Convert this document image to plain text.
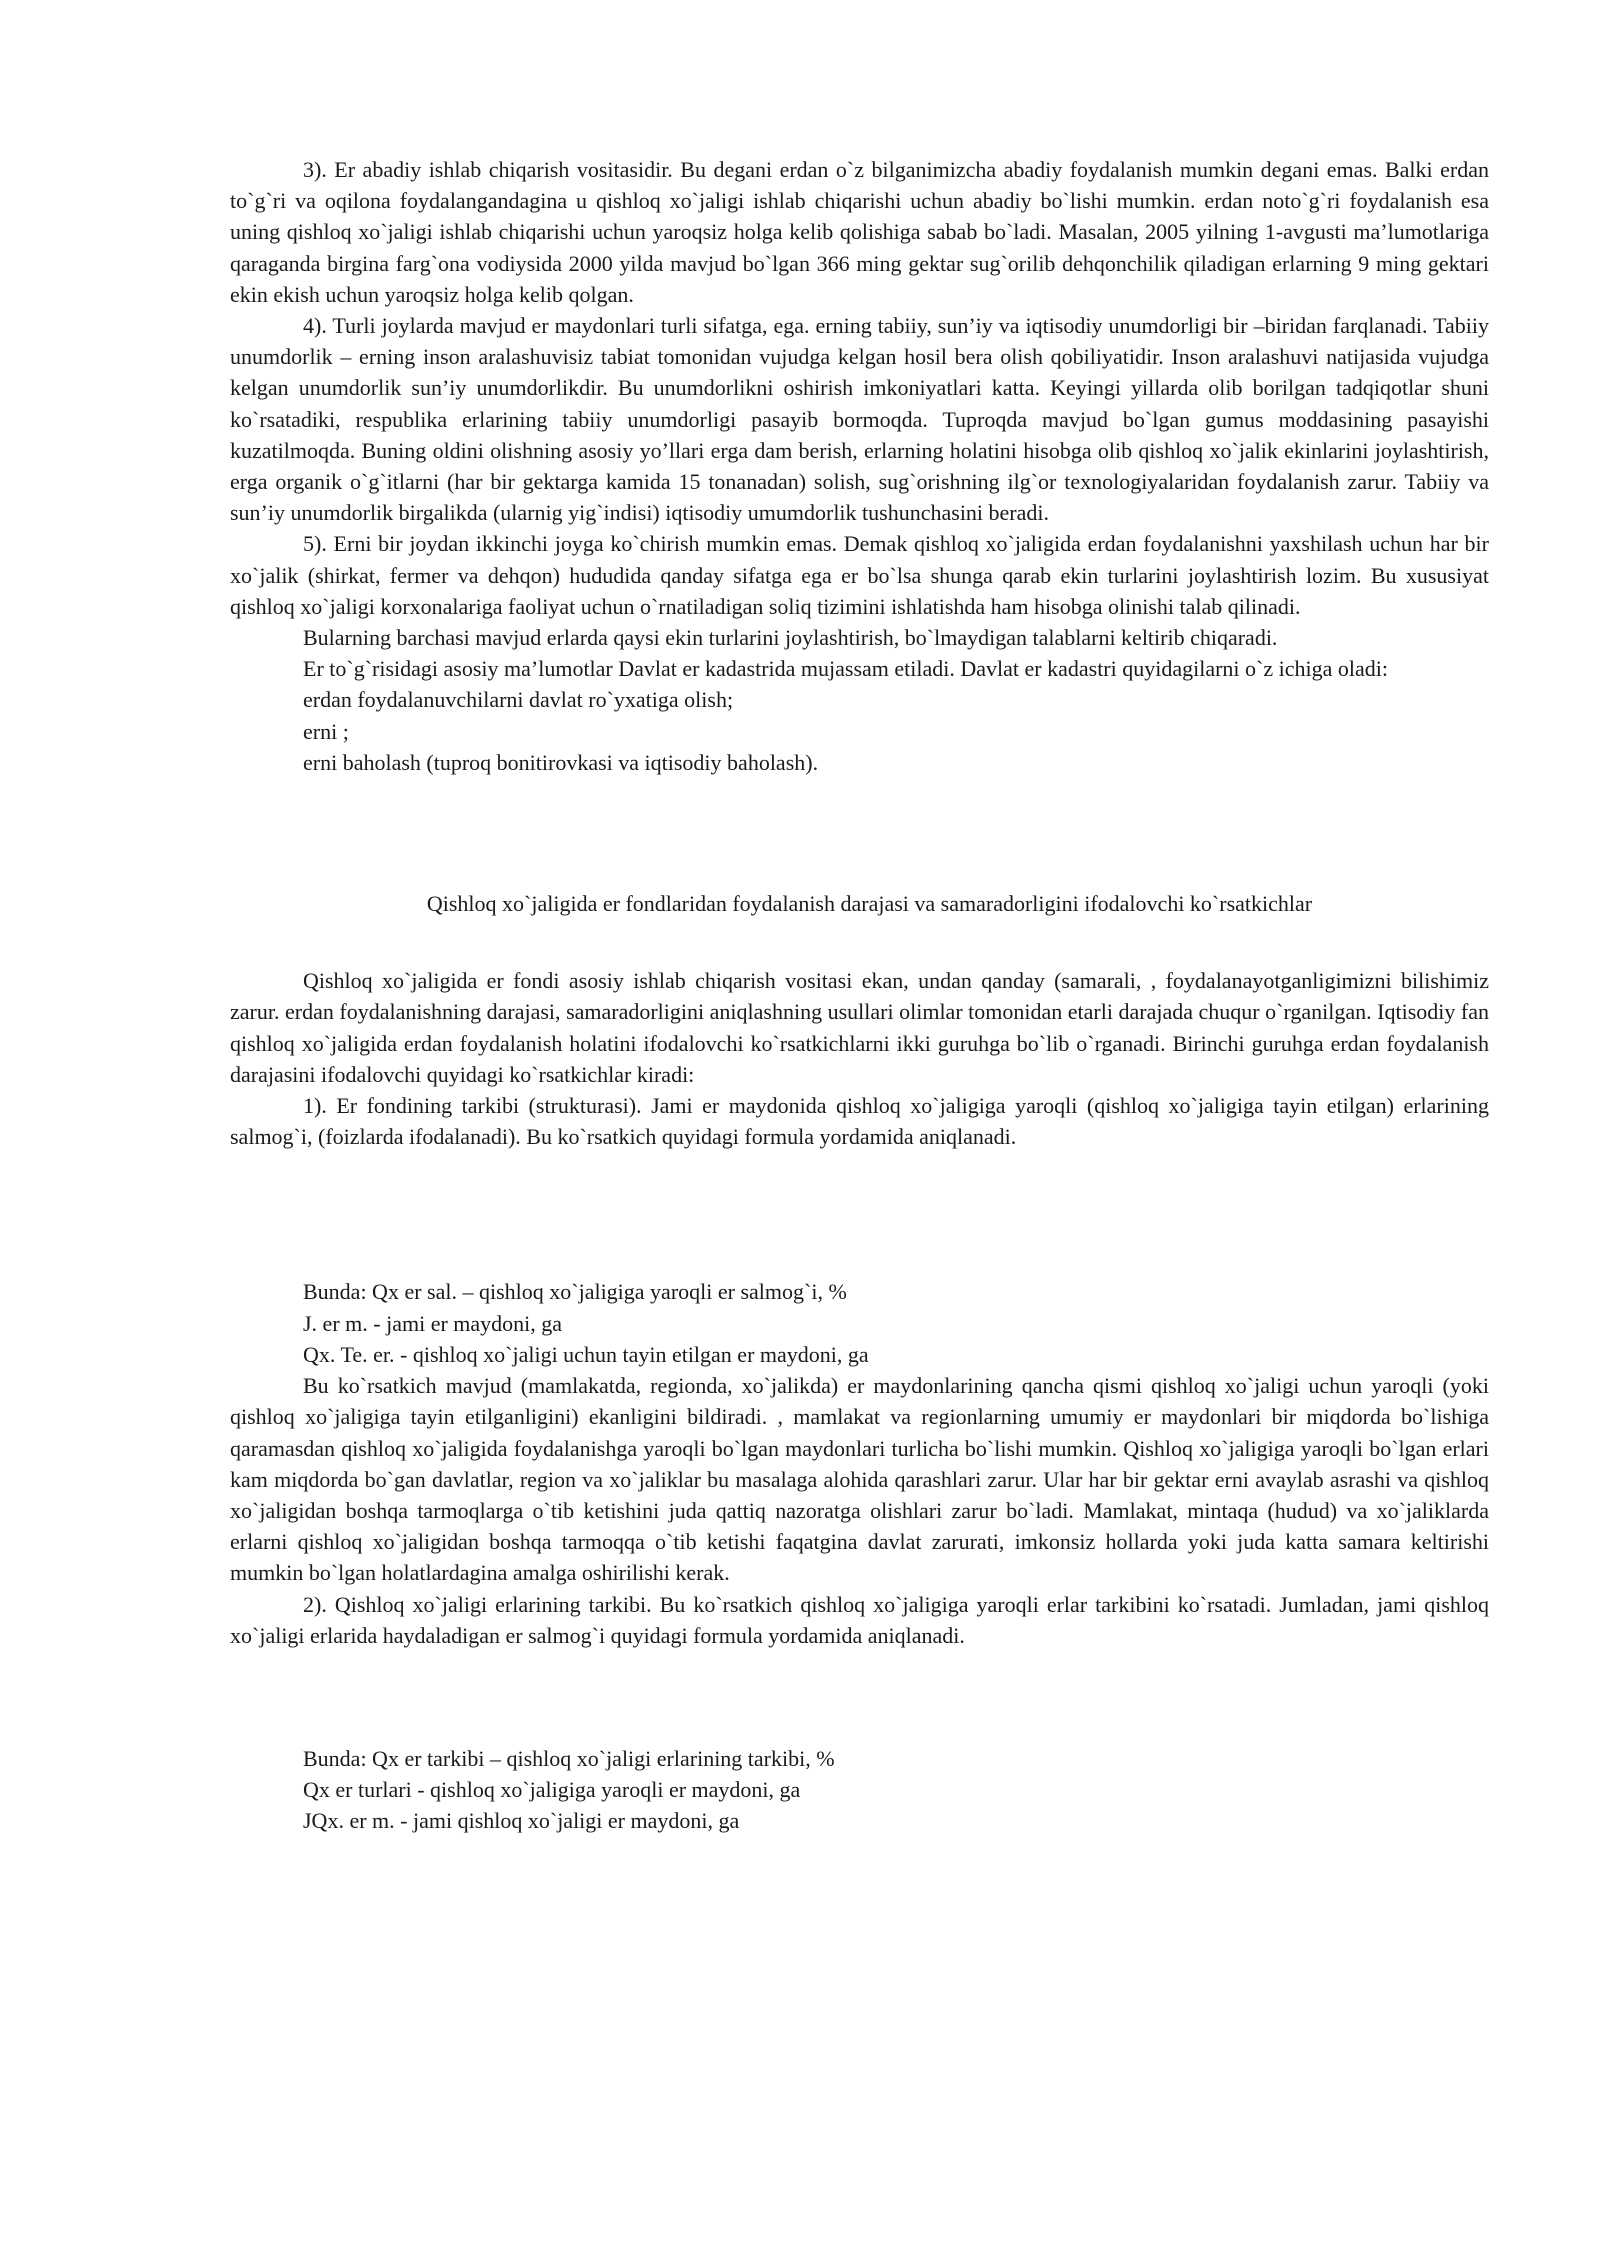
3). Er abadiy ishlab chiqarish vositasidir. Bu degani erdan o`z bilganimizcha abadiy foydalanish mumkin degani emas. Balki erdan to`g`ri va oqilona foydalangandagina u qishloq xo`jaligi ishlab chiqarishi uchun abadiy bo`lishi mumkin. erdan noto`g`ri foydalanish esa uning qishloq xo`jaligi ishlab chiqarishi uchun yaroqsiz holga kelib qolishiga sabab bo`ladi. Masalan, 2005 yilning 1-avgusti ma’lumotlariga qaraganda birgina farg`ona vodiysida 2000 yilda mavjud bo`lgan 366 ming gektar sug`orilib dehqonchilik qiladigan erlarning 9 ming gektari ekin ekish uchun yaroqsiz holga kelib qolgan.

4). Turli joylarda mavjud er maydonlari turli sifatga, ega. erning tabiiy, sun’iy va iqtisodiy unumdorligi bir –biridan farqlanadi. Tabiiy unumdorlik – erning inson aralashuvisiz tabiat tomonidan vujudga kelgan hosil bera olish qobiliyatidir. Inson aralashuvi natijasida vujudga kelgan unumdorlik sun’iy unumdorlikdir. Bu unumdorlikni oshirish imkoniyatlari katta. Keyingi yillarda olib borilgan tadqiqotlar shuni ko`rsatadiki, respublika erlarining tabiiy unumdorligi pasayib bormoqda. Tuproqda mavjud bo`lgan gumus moddasining pasayishi kuzatilmoqda. Buning oldini olishning asosiy yo’llari erga dam berish, erlarning holatini hisobga olib qishloq xo`jalik ekinlarini joylashtirish, erga organik o`g`itlarni (har bir gektarga kamida 15 tonanadan) solish, sug`orishning ilg`or texnologiyalaridan foydalanish zarur. Tabiiy va sun’iy unumdorlik birgalikda (ularnig yig`indisi) iqtisodiy umumdorlik tushunchasini beradi.

5). Erni bir joydan ikkinchi joyga ko`chirish mumkin emas. Demak qishloq xo`jaligida erdan foydalanishni yaxshilash uchun har bir xo`jalik (shirkat, fermer va dehqon) hududida qanday sifatga ega er bo`lsa shunga qarab ekin turlarini joylashtirish lozim. Bu xususiyat qishloq xo`jaligi korxonalariga faoliyat uchun o`rnatiladigan soliq tizimini ishlatishda ham hisobga olinishi talab qilinadi.

Bularning barchasi mavjud erlarda qaysi ekin turlarini joylashtirish, bo`lmaydigan talablarni keltirib chiqaradi.

Er to`g`risidagi asosiy ma’lumotlar Davlat er kadastrida mujassam etiladi. Davlat er kadastri quyidagilarni o`z ichiga oladi:

erdan foydalanuvchilarni davlat ro`yxatiga olish;

erni ;

erni baholash (tuproq bonitirovkasi va iqtisodiy baholash).

Qishloq xo`jaligida er fondlaridan foydalanish darajasi va samaradorligini ifodalovchi ko`rsatkichlar

Qishloq xo`jaligida er fondi asosiy ishlab chiqarish vositasi ekan, undan qanday (samarali, , foydalanayotganligimizni bilishimiz zarur. erdan foydalanishning darajasi, samaradorligini aniqlashning usullari olimlar tomonidan etarli darajada chuqur o`rganilgan. Iqtisodiy fan qishloq xo`jaligida erdan foydalanish holatini ifodalovchi ko`rsatkichlarni ikki guruhga bo`lib o`rganadi. Birinchi guruhga erdan foydalanish darajasini ifodalovchi quyidagi ko`rsatkichlar kiradi:

1). Er fondining tarkibi (strukturasi). Jami er maydonida qishloq xo`jaligiga yaroqli (qishloq xo`jaligiga tayin etilgan) erlarining salmog`i, (foizlarda ifodalanadi). Bu ko`rsatkich quyidagi formula yordamida aniqlanadi.

Bunda: Qx er sal. – qishloq xo`jaligiga yaroqli er salmog`i, %

J. er m. - jami er maydoni, ga

Qx. Te. er. - qishloq xo`jaligi uchun tayin etilgan er maydoni, ga

Bu ko`rsatkich mavjud (mamlakatda, regionda, xo`jalikda) er maydonlarining qancha qismi qishloq xo`jaligi uchun yaroqli (yoki qishloq xo`jaligiga tayin etilganligini) ekanligini bildiradi. , mamlakat va regionlarning umumiy er maydonlari bir miqdorda bo`lishiga qaramasdan qishloq xo`jaligida foydalanishga yaroqli bo`lgan maydonlari turlicha bo`lishi mumkin. Qishloq xo`jaligiga yaroqli bo`lgan erlari kam miqdorda bo`gan davlatlar, region va xo`jaliklar bu masalaga alohida qarashlari zarur. Ular har bir gektar erni avaylab asrashi va qishloq xo`jaligidan boshqa tarmoqlarga o`tib ketishini juda qattiq nazoratga olishlari zarur bo`ladi. Mamlakat, mintaqa (hudud) va xo`jaliklarda erlarni qishloq xo`jaligidan boshqa tarmoqqa o`tib ketishi faqatgina davlat zarurati, imkonsiz hollarda yoki juda katta samara keltirishi mumkin bo`lgan holatlardagina amalga oshirilishi kerak.

2). Qishloq xo`jaligi erlarining tarkibi. Bu ko`rsatkich qishloq xo`jaligiga yaroqli erlar tarkibini ko`rsatadi. Jumladan, jami qishloq xo`jaligi erlarida haydaladigan er salmog`i quyidagi formula yordamida aniqlanadi.

Bunda: Qx er tarkibi – qishloq xo`jaligi erlarining tarkibi, %

Qx er turlari - qishloq xo`jaligiga yaroqli er maydoni, ga

JQx. er m. - jami qishloq xo`jaligi er maydoni, ga
